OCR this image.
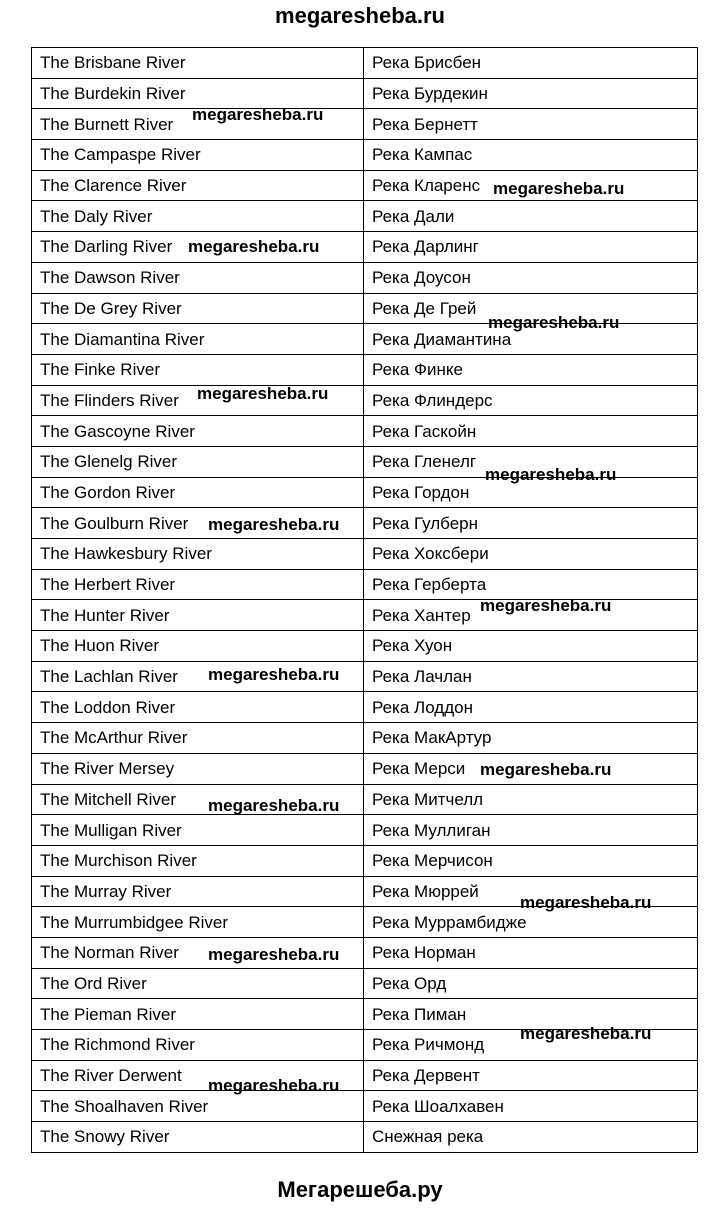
megaresheba.ru
The Brisbane River	Река Брисбен
The Burdekin River	Река Бурдекин
The Burnett River	Река Бернетт
The Campaspe River	Река Кампас
The Clarence River	Река Кларенс
The Daly River	Река Дали
The Darling River	Река Дарлинг
The Dawson River	Река Доусон
The De Grey River	Река Де Грей
The Diamantina River	Река Диамантина
The Finke River	Река Финке
The Flinders River	Река Флиндерс
The Gascoyne River	Река Гаскойн
The Glenelg River	Река Гленелг
The Gordon River	Река Гордон
The Goulburn River	Река Гулберн
The Hawkesbury River	Река Хоксбери
The Herbert River	Река Герберта
The Hunter River	Река Хантер
The Huon River	Река Хуон
The Lachlan River	Река Лачлан
The Loddon River	Река Лоддон
The McArthur River	Река МакАртур
The River Mersey	Река Мерси
The Mitchell River	Река Митчелл
The Mulligan River	Река Муллиган
The Murchison River	Река Мерчисон
The Murray River	Река Мюррей
The Murrumbidgee River	Река Муррамбидже
The Norman River	Река Норман
The Ord River	Река Орд
The Pieman River	Река Пиман
The Richmond River	Река Ричмонд
The River Derwent	Река Дервент
The Shoalhaven River	Река Шоалхавен
The Snowy River	Снежная река
megaresheba.ru
megaresheba.ru
megaresheba.ru
megaresheba.ru
megaresheba.ru
megaresheba.ru
megaresheba.ru
megaresheba.ru
megaresheba.ru
megaresheba.ru
megaresheba.ru
megaresheba.ru
megaresheba.ru
megaresheba.ru
megaresheba.ru
Мегарешеба.ру
